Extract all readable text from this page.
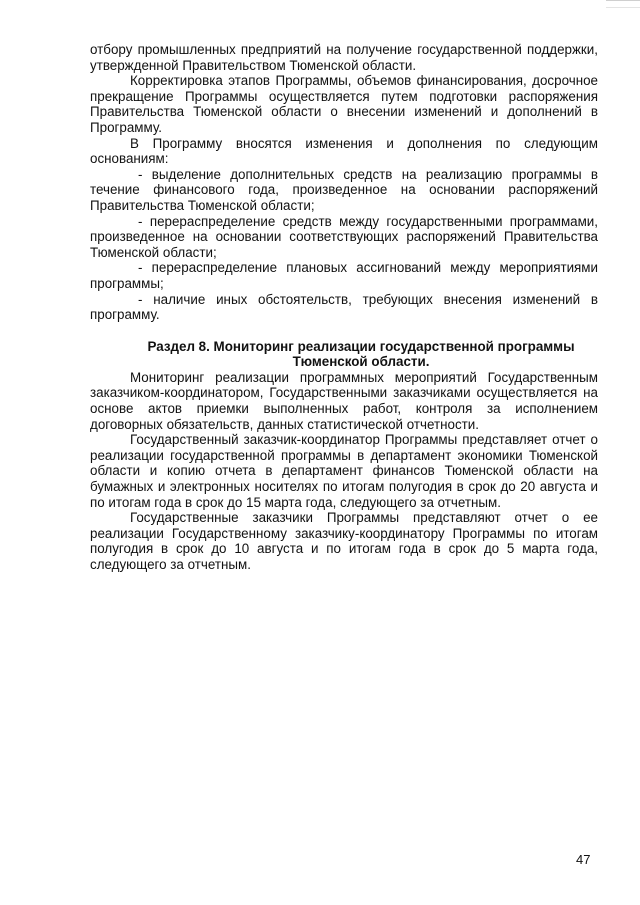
отбору промышленных предприятий на получение государственной поддержки, утвержденной Правительством Тюменской области.

Корректировка этапов Программы, объемов финансирования, досрочное прекращение Программы осуществляется путем подготовки распоряжения Правительства Тюменской области о внесении изменений и дополнений в Программу.

В Программу вносятся изменения и дополнения по следующим основаниям:

- выделение дополнительных средств на реализацию программы в течение финансового года, произведенное на основании распоряжений Правительства Тюменской области;

- перераспределение средств между государственными программами, произведенное на основании соответствующих распоряжений Правительства Тюменской области;

- перераспределение плановых ассигнований между мероприятиями программы;

- наличие иных обстоятельств, требующих внесения изменений в программу.

Раздел 8. Мониторинг реализации государственной программы Тюменской области.

Мониторинг реализации программных мероприятий Государственным заказчиком-координатором, Государственными заказчиками осуществляется на основе актов приемки выполненных работ, контроля за исполнением договорных обязательств, данных статистической отчетности.

Государственный заказчик-координатор Программы представляет отчет о реализации государственной программы в департамент экономики Тюменской области и копию отчета в департамент финансов Тюменской области на бумажных и электронных носителях по итогам полугодия в срок до 20 августа и по итогам года в срок до 15 марта года, следующего за отчетным.

Государственные заказчики Программы представляют отчет о ее реализации Государственному заказчику-координатору Программы по итогам полугодия в срок до 10 августа и по итогам года в срок до 5 марта года, следующего за отчетным.

47
